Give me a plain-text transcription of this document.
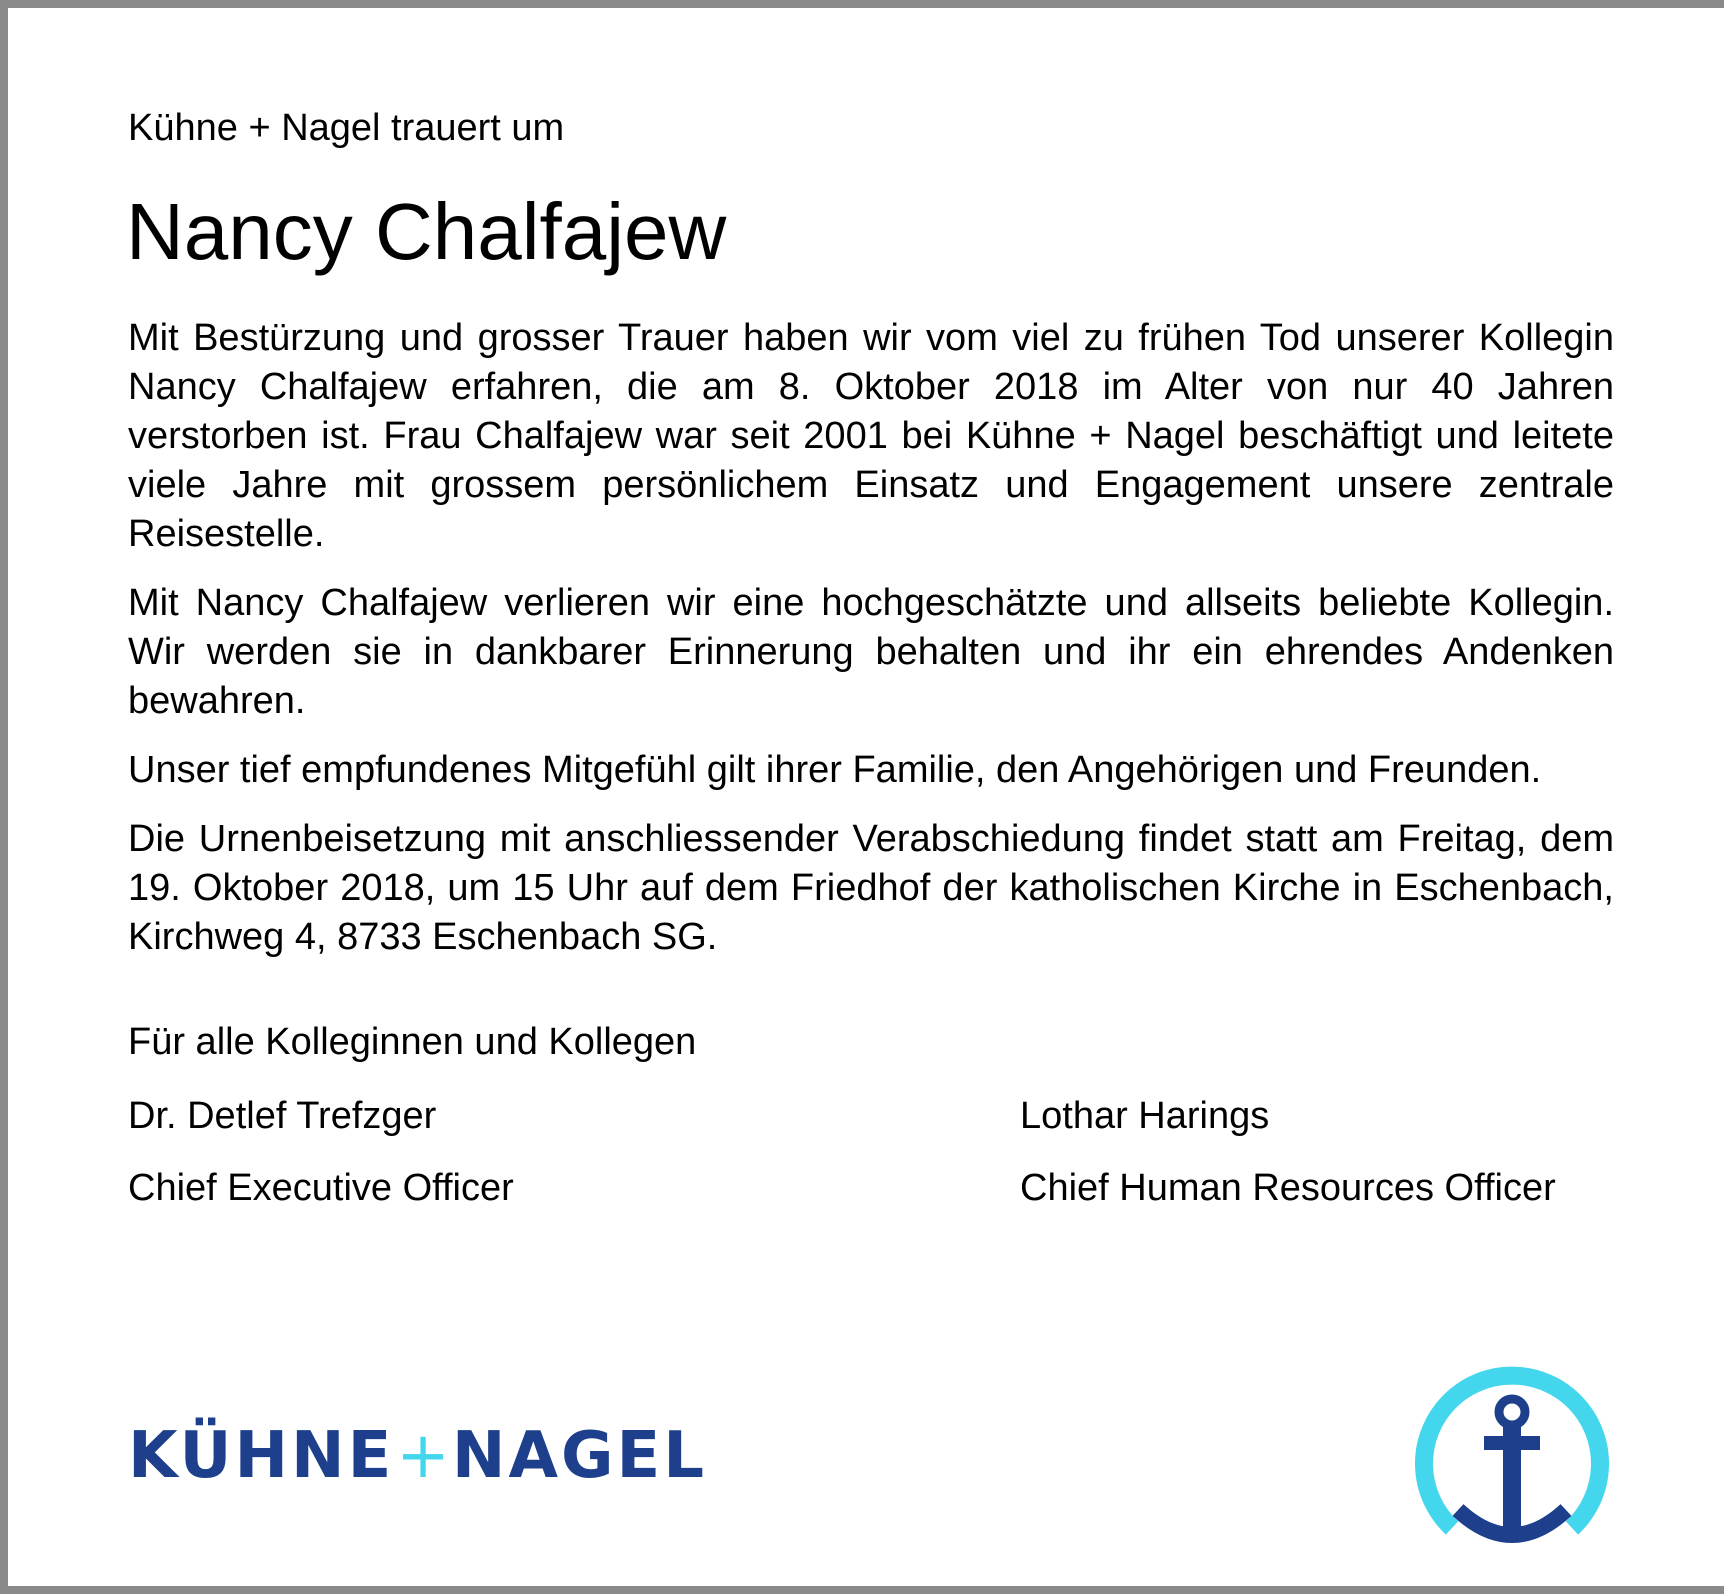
Kühne + Nagel trauert um
Nancy Chalfajew

Mit Bestürzung und grosser Trauer haben wir vom viel zu frühen Tod unserer Kollegin Nancy Chalfajew erfahren, die am 8. Oktober 2018 im Alter von nur 40 Jahren verstorben ist. Frau Chalfajew war seit 2001 bei Kühne + Nagel beschäftigt und leitete viele Jahre mit grossem persönlichem Einsatz und Engagement unsere zentrale Reisestelle.

Mit Nancy Chalfajew verlieren wir eine hochgeschätzte und allseits beliebte Kollegin. Wir werden sie in dankbarer Erinnerung behalten und ihr ein ehrendes Andenken bewahren.

Unser tief empfundenes Mitgefühl gilt ihrer Familie, den Angehörigen und Freunden.

Die Urnenbeisetzung mit anschliessender Verabschiedung findet statt am Freitag, dem 19. Oktober 2018, um 15 Uhr auf dem Friedhof der katholischen Kirche in Eschenbach, Kirchweg 4, 8733 Eschenbach SG.

Für alle Kolleginnen und Kollegen
Dr. Detlef Trefzger
Chief Executive Officer
Lothar Harings
Chief Human Resources Officer
KÜHNE+NAGEL
